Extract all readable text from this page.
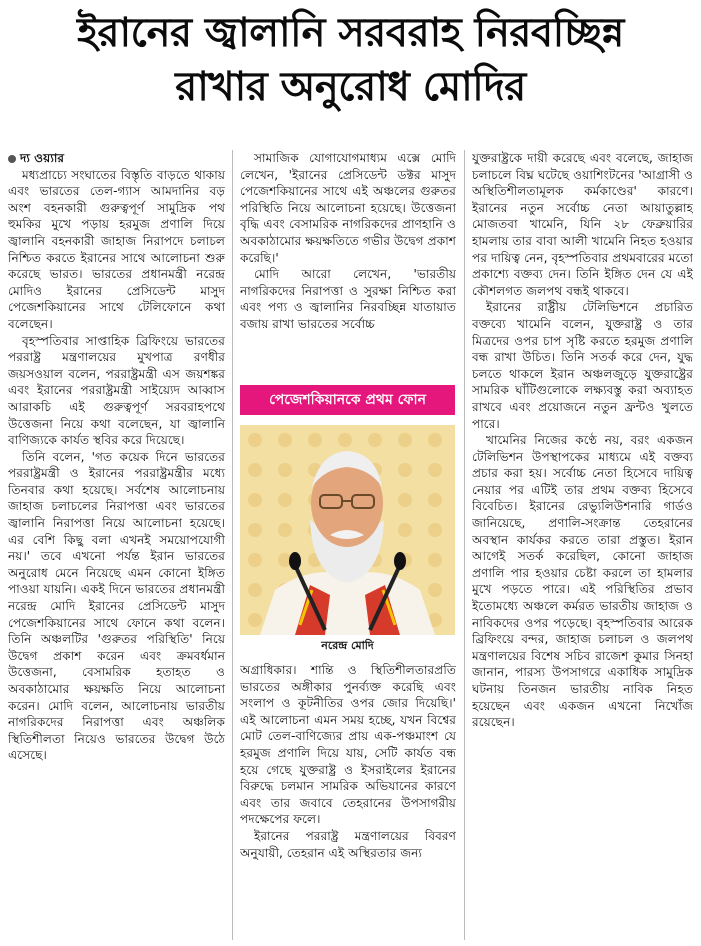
ইরানের জ্বালানি সরবরাহ নিরবচ্ছিন্ন
রাখার অনুরোধ মোদির

দ্য ওয়্যার

মধ্যপ্রাচ্যে সংঘাতের বিস্তৃতি বাড়তে থাকায় এবং ভারতের তেল-গ্যাস আমদানির বড় অংশ বহনকারী গুরুত্বপূর্ণ সামুদ্রিক পথ হুমকির মুখে পড়ায় হরমুজ প্রণালি দিয়ে জ্বালানি বহনকারী জাহাজ নিরাপদে চলাচল নিশ্চিত করতে ইরানের সাথে আলোচনা শুরু করেছে ভারত। ভারতের প্রধানমন্ত্রী নরেন্দ্র মোদিও ইরানের প্রেসিডেন্ট মাসুদ পেজেশকিয়ানের সাথে টেলিফোনে কথা বলেছেন।

বৃহস্পতিবার সাপ্তাহিক ব্রিফিংয়ে ভারতের পররাষ্ট্র মন্ত্রণালয়ের মুখপাত্র রণধীর জয়সওয়াল বলেন, পররাষ্ট্রমন্ত্রী এস জয়শঙ্কর এবং ইরানের পররাষ্ট্রমন্ত্রী সাইয়্যেদ আব্বাস আরাকচি এই গুরুত্বপূর্ণ সরবরাহপথে উত্তেজনা নিয়ে কথা বলেছেন, যা জ্বালানি বাণিজ্যকে কার্যত স্থবির করে দিয়েছে।

তিনি বলেন, 'গত কয়েক দিনে ভারতের পররাষ্ট্রমন্ত্রী ও ইরানের পররাষ্ট্রমন্ত্রীর মধ্যে তিনবার কথা হয়েছে। সর্বশেষ আলোচনায় জাহাজ চলাচলের নিরাপত্তা এবং ভারতের জ্বালানি নিরাপত্তা নিয়ে আলোচনা হয়েছে। এর বেশি কিছু বলা এখনই সময়োপযোগী নয়।' তবে এখনো পর্যন্ত ইরান ভারতের অনুরোধ মেনে নিয়েছে এমন কোনো ইঙ্গিত পাওয়া যায়নি। একই দিনে ভারতের প্রধানমন্ত্রী নরেন্দ্র মোদি ইরানের প্রেসিডেন্ট মাসুদ পেজেশকিয়ানের সাথে ফোনে কথা বলেন। তিনি অঞ্চলটির 'গুরুতর পরিস্থিতি' নিয়ে উদ্বেগ প্রকাশ করেন এবং ক্রমবর্ধমান উত্তেজনা, বেসামরিক হতাহত ও অবকাঠামোর ক্ষয়ক্ষতি নিয়ে আলোচনা করেন। মোদি বলেন, আলোচনায় ভারতীয় নাগরিকদের নিরাপত্তা এবং অঞ্চলিক স্থিতিশীলতা নিয়েও ভারতের উদ্বেগ উঠে এসেছে।

সামাজিক যোগাযোগমাধ্যম এক্সে মোদি লেখেন, 'ইরানের প্রেসিডেন্ট ডক্টর মাসুদ পেজেশকিয়ানের সাথে এই অঞ্চলের গুরুতর পরিস্থিতি নিয়ে আলোচনা হয়েছে। উত্তেজনা বৃদ্ধি এবং বেসামরিক নাগরিকদের প্রাণহানি ও অবকাঠামোর ক্ষয়ক্ষতিতে গভীর উদ্বেগ প্রকাশ করেছি।'

মোদি আরো লেখেন, 'ভারতীয় নাগরিকদের নিরাপত্তা ও সুরক্ষা নিশ্চিত করা এবং পণ্য ও জ্বালানির নিরবচ্ছিন্ন যাতায়াত বজায় রাখা ভারতের সর্বোচ্চ

পেজেশকিয়ানকে প্রথম ফোন
নরেন্দ্র মোদি

অগ্রাধিকার। শান্তি ও স্থিতিশীলতারপ্রতি ভারতের অঙ্গীকার পুনর্ব্যক্ত করেছি এবং সংলাপ ও কূটনীতির ওপর জোর দিয়েছি।' এই আলোচনা এমন সময় হচ্ছে, যখন বিশ্বের মোট তেল-বাণিজ্যের প্রায় এক-পঞ্চমাংশ যে হরমুজ প্রণালি দিয়ে যায়, সেটি কার্যত বন্ধ হয়ে গেছে যুক্তরাষ্ট্র ও ইসরাইলের ইরানের বিরুদ্ধে চলমান সামরিক অভিযানের কারণে এবং তার জবাবে তেহরানের উপসাগরীয় পদক্ষেপের ফলে।

ইরানের পররাষ্ট্র মন্ত্রণালয়ের বিবরণ অনুযায়ী, তেহরান এই অস্থিরতার জন্য

যুক্তরাষ্ট্রকে দায়ী করেছে এবং বলেছে, জাহাজ চলাচলে বিঘ্ন ঘটেছে ওয়াশিংটনের 'আগ্রাসী ও অস্থিতিশীলতামূলক কর্মকাণ্ডের' কারণে। ইরানের নতুন সর্বোচ্চ নেতা আয়াতুল্লাহ মোজতবা খামেনি, যিনি ২৮ ফেব্রুয়ারির হামলায় তার বাবা আলী খামেনি নিহত হওয়ার পর দায়িত্ব নেন, বৃহস্পতিবার প্রথমবারের মতো প্রকাশ্যে বক্তব্য দেন। তিনি ইঙ্গিত দেন যে এই কৌশলগত জলপথ বন্ধই থাকবে।

ইরানের রাষ্ট্রীয় টেলিভিশনে প্রচারিত বক্তব্যে খামেনি বলেন, যুক্তরাষ্ট্র ও তার মিত্রদের ওপর চাপ সৃষ্টি করতে হরমুজ প্রণালি বন্ধ রাখা উচিত। তিনি সতর্ক করে দেন, যুদ্ধ চলতে থাকলে ইরান অঞ্চলজুড়ে যুক্তরাষ্ট্রের সামরিক ঘাঁটিগুলোকে লক্ষ্যবস্তু করা অব্যাহত রাখবে এবং প্রয়োজনে নতুন ফ্রন্টও খুলতে পারে।

খামেনির নিজের কণ্ঠে নয়, বরং একজন টেলিভিশন উপস্থাপকের মাধ্যমে এই বক্তব্য প্রচার করা হয়। সর্বোচ্চ নেতা হিসেবে দায়িত্ব নেয়ার পর এটিই তার প্রথম বক্তব্য হিসেবে বিবেচিত। ইরানের রেভ্যুলিউশনারি গার্ডও জানিয়েছে, প্রণালি-সংক্রান্ত তেহরানের অবস্থান কার্যকর করতে তারা প্রস্তুত। ইরান আগেই সতর্ক করেছিল, কোনো জাহাজ প্রণালি পার হওয়ার চেষ্টা করলে তা হামলার মুখে পড়তে পারে। এই পরিস্থিতির প্রভাব ইতোমধ্যে অঞ্চলে কর্মরত ভারতীয় জাহাজ ও নাবিকদের ওপর পড়েছে। বৃহস্পতিবার আরেক ব্রিফিংয়ে বন্দর, জাহাজ চলাচল ও জলপথ মন্ত্রণালয়ের বিশেষ সচিব রাজেশ কুমার সিনহা জানান, পারস্য উপসাগরে একাধিক সামুদ্রিক ঘটনায় তিনজন ভারতীয় নাবিক নিহত হয়েছেন এবং একজন এখনো নিখোঁজ রয়েছেন।
